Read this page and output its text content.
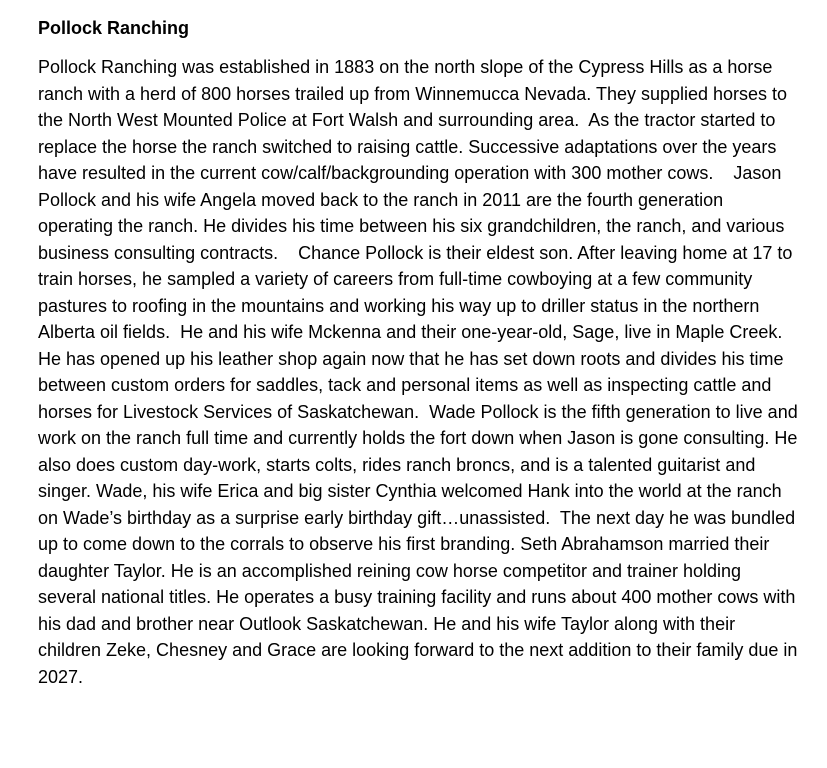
Pollock Ranching

Pollock Ranching was established in 1883 on the north slope of the Cypress Hills as a horse ranch with a herd of 800 horses trailed up from Winnemucca Nevada. They supplied horses to the North West Mounted Police at Fort Walsh and surrounding area.  As the tractor started to replace the horse the ranch switched to raising cattle. Successive adaptations over the years have resulted in the current cow/calf/backgrounding operation with 300 mother cows.    Jason Pollock and his wife Angela moved back to the ranch in 2011 are the fourth generation operating the ranch. He divides his time between his six grandchildren, the ranch, and various business consulting contracts.    Chance Pollock is their eldest son. After leaving home at 17 to train horses, he sampled a variety of careers from full-time cowboying at a few community pastures to roofing in the mountains and working his way up to driller status in the northern Alberta oil fields.  He and his wife Mckenna and their one-year-old, Sage, live in Maple Creek.  He has opened up his leather shop again now that he has set down roots and divides his time between custom orders for saddles, tack and personal items as well as inspecting cattle and horses for Livestock Services of Saskatchewan.  Wade Pollock is the fifth generation to live and work on the ranch full time and currently holds the fort down when Jason is gone consulting. He also does custom day-work, starts colts, rides ranch broncs, and is a talented guitarist and singer. Wade, his wife Erica and big sister Cynthia welcomed Hank into the world at the ranch on Wade’s birthday as a surprise early birthday gift…unassisted.  The next day he was bundled up to come down to the corrals to observe his first branding. Seth Abrahamson married their daughter Taylor. He is an accomplished reining cow horse competitor and trainer holding several national titles. He operates a busy training facility and runs about 400 mother cows with his dad and brother near Outlook Saskatchewan. He and his wife Taylor along with their children Zeke, Chesney and Grace are looking forward to the next addition to their family due in 2027.
